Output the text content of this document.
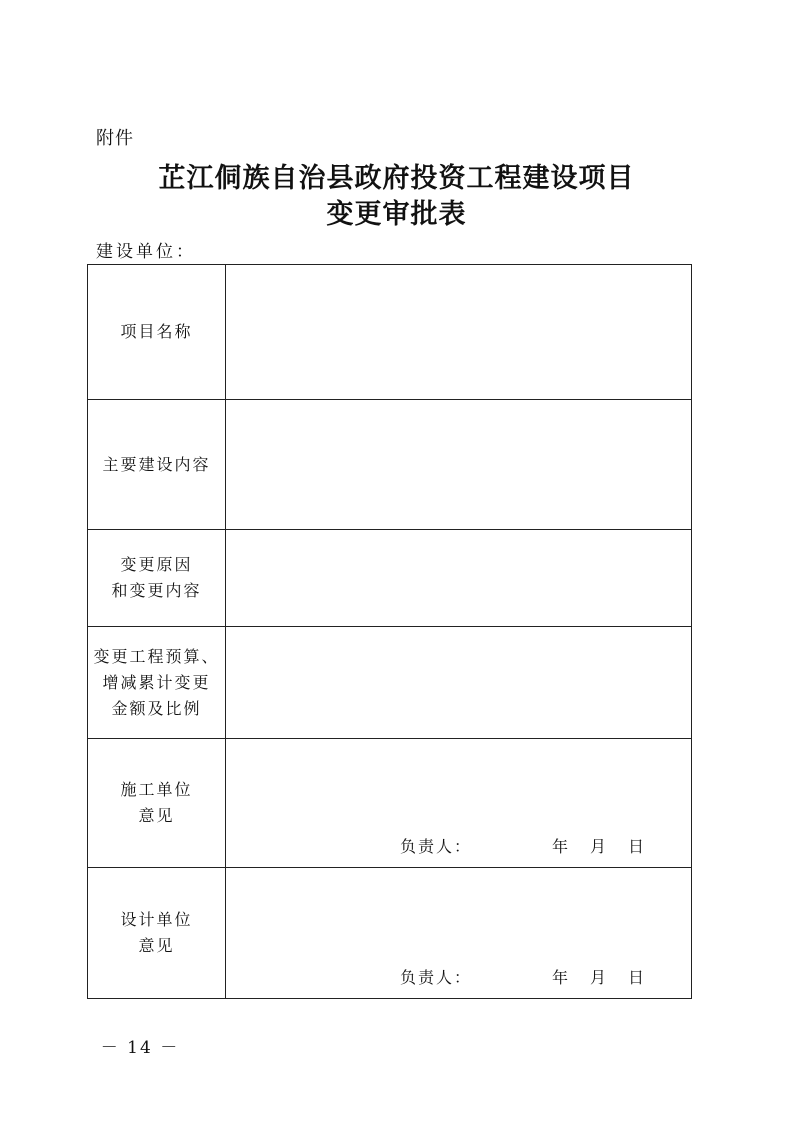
附件
芷江侗族自治县政府投资工程建设项目
变更审批表
建设单位：
项目名称	

主要建设内容	

变更原因
和变更内容	

变更工程预算、
增减累计变更
金额及比例	

施工单位
意见	负责人： 年 月 日

设计单位
意见	负责人： 年 月 日
－ 14 －
